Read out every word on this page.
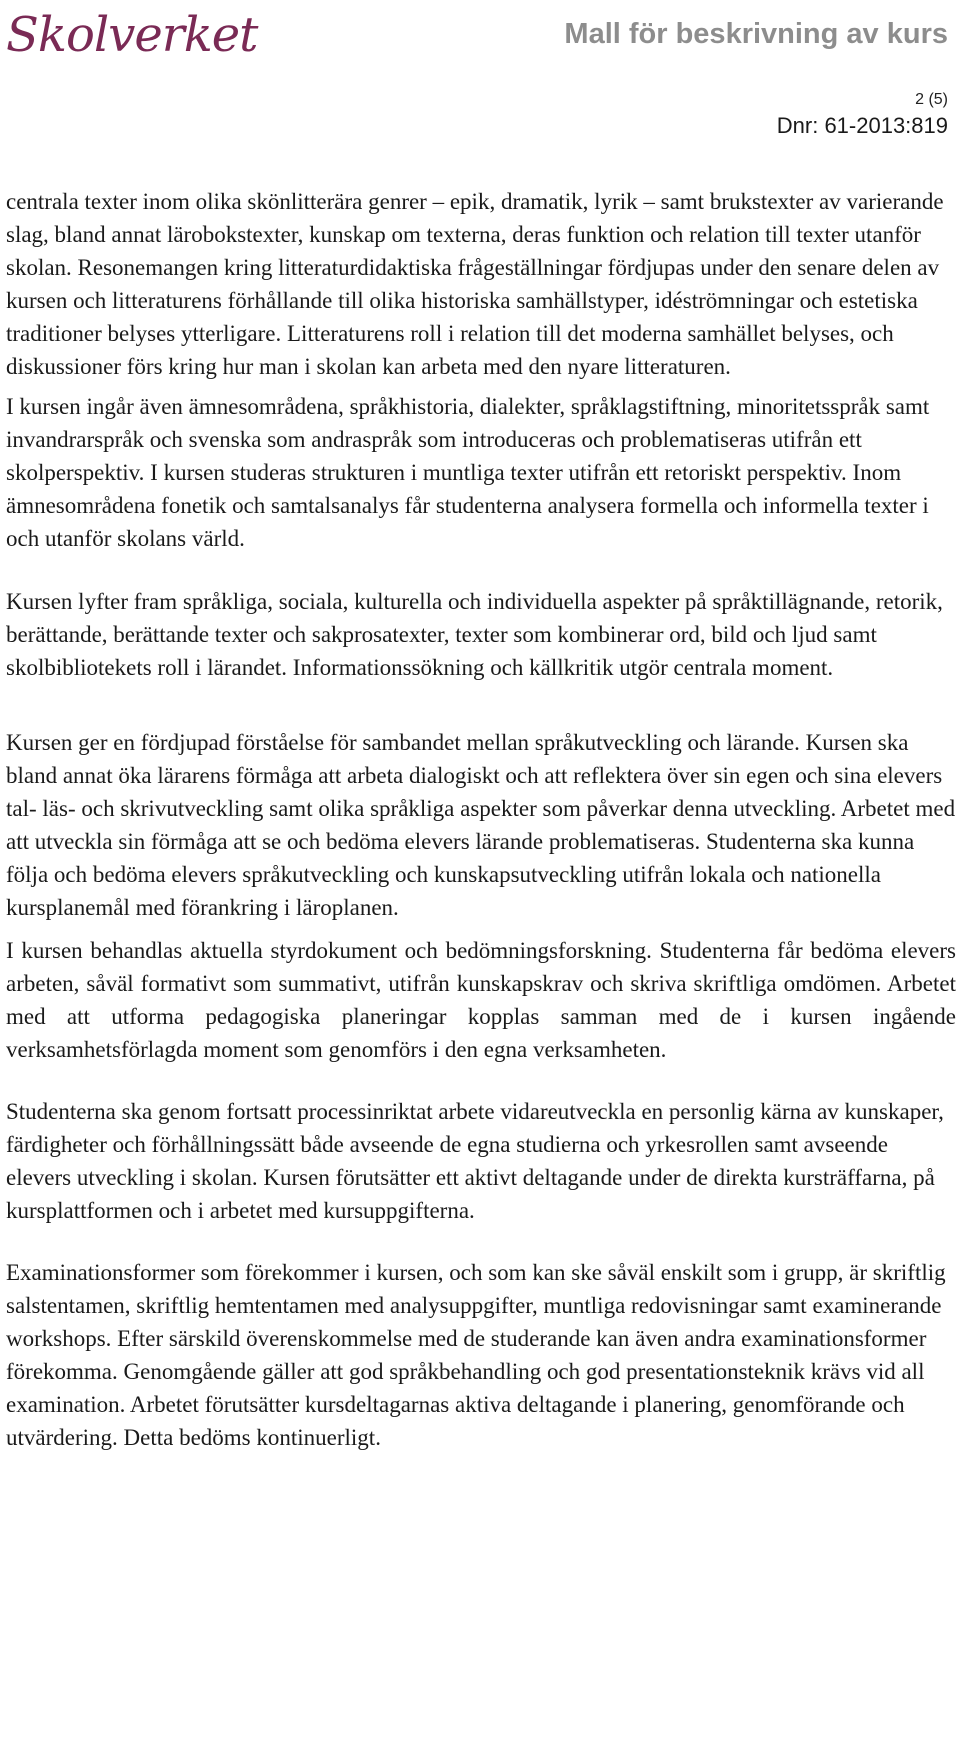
Skolverket	Mall för beskrivning av kurs
2 (5)
Dnr: 61-2013:819

centrala texter inom olika skönlitterära genrer – epik, dramatik, lyrik – samt brukstexter av varierande slag, bland annat lärobokstexter, kunskap om texterna, deras funktion och relation till texter utanför skolan. Resonemangen kring litteraturdidaktiska frågeställningar fördjupas under den senare delen av kursen och litteraturens förhållande till olika historiska samhällstyper, idéströmningar och estetiska traditioner belyses ytterligare. Litteraturens roll i relation till det moderna samhället belyses, och diskussioner förs kring hur man i skolan kan arbeta med den nyare litteraturen.

I kursen ingår även ämnesområdena, språkhistoria, dialekter, språklagstiftning, minoritetsspråk samt invandrarspråk och svenska som andraspråk som introduceras och problematiseras utifrån ett skolperspektiv. I kursen studeras strukturen i muntliga texter utifrån ett retoriskt perspektiv. Inom ämnesområdena fonetik och samtalsanalys får studenterna analysera formella och informella texter i och utanför skolans värld.

Kursen lyfter fram språkliga, sociala, kulturella och individuella aspekter på språktillägnande, retorik, berättande, berättande texter och sakprosatexter, texter som kombinerar ord, bild och ljud samt skolbibliotekets roll i lärandet. Informationssökning och källkritik utgör centrala moment.

Kursen ger en fördjupad förståelse för sambandet mellan språkutveckling och lärande. Kursen ska bland annat öka lärarens förmåga att arbeta dialogiskt och att reflektera över sin egen och sina elevers tal- läs- och skrivutveckling samt olika språkliga aspekter som påverkar denna utveckling. Arbetet med att utveckla sin förmåga att se och bedöma elevers lärande problematiseras. Studenterna ska kunna följa och bedöma elevers språkutveckling och kunskapsutveckling utifrån lokala och nationella kursplanemål med förankring i läroplanen.

I kursen behandlas aktuella styrdokument och bedömningsforskning. Studenterna får bedöma elevers arbeten, såväl formativt som summativt, utifrån kunskapskrav och skriva skriftliga omdömen. Arbetet med att utforma pedagogiska planeringar kopplas samman med de i kursen ingående verksamhetsförlagda moment som genomförs i den egna verksamheten.

Studenterna ska genom fortsatt processinriktat arbete vidareutveckla en personlig kärna av kunskaper, färdigheter och förhållningssätt både avseende de egna studierna och yrkesrollen samt avseende elevers utveckling i skolan. Kursen förutsätter ett aktivt deltagande under de direkta kursträffarna, på kursplattformen och i arbetet med kursuppgifterna.

Examinationsformer som förekommer i kursen, och som kan ske såväl enskilt som i grupp, är skriftlig salstentamen, skriftlig hemtentamen med analysuppgifter, muntliga redovisningar samt examinerande workshops. Efter särskild överenskommelse med de studerande kan även andra examinationsformer förekomma. Genomgående gäller att god språkbehandling och god presentationsteknik krävs vid all examination. Arbetet förutsätter kursdeltagarnas aktiva deltagande i planering, genomförande och utvärdering. Detta bedöms kontinuerligt.
